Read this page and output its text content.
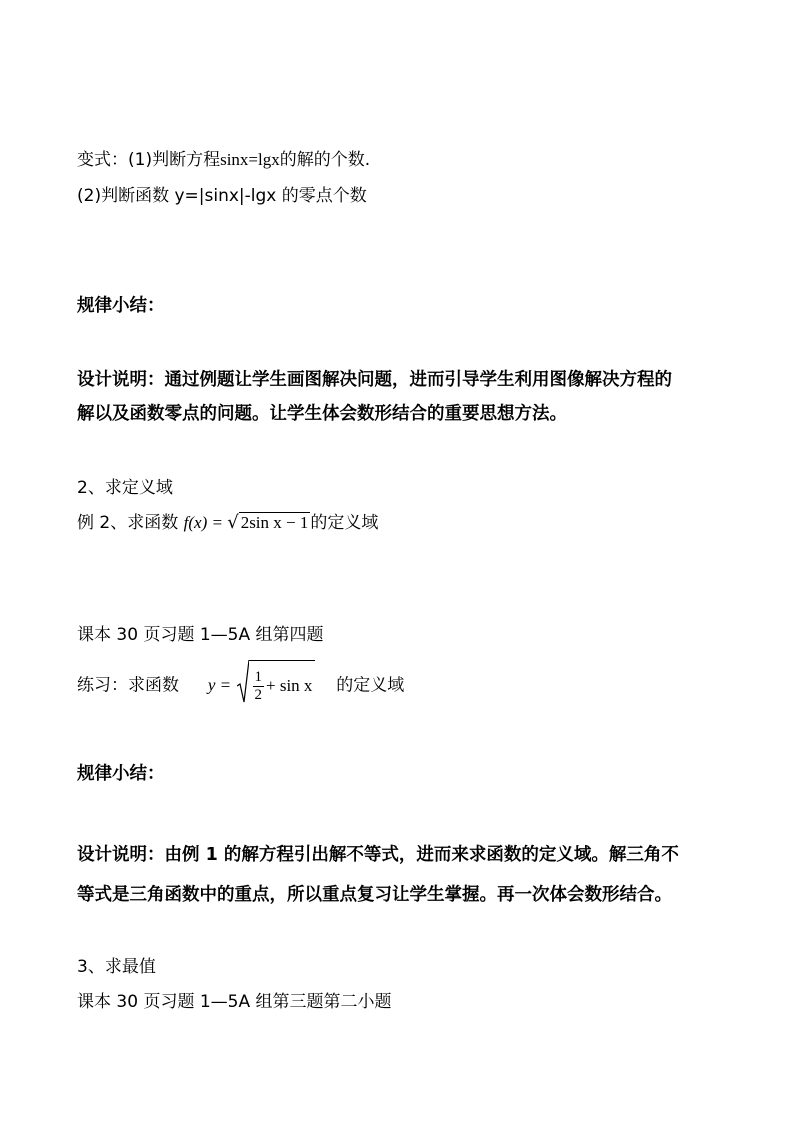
变式：(1)判断方程sinx=lgx的解的个数.
(2)判断函数 y=|sinx|-lgx 的零点个数
规律小结：
设计说明：通过例题让学生画图解决问题，进而引导学生利用图像解决方程的
解以及函数零点的问题。让学生体会数形结合的重要思想方法。
2、求定义域
例 2、求函数 f(x) = √ 2sin x − 1 的定义域
课本 30 页习题 1—5A 组第四题
练习：求函数 $y = \frac{1}{2} + \sin x$ 的定义域
规律小结：
设计说明：由例 1 的解方程引出解不等式，进而来求函数的定义域。解三角不
等式是三角函数中的重点，所以重点复习让学生掌握。再一次体会数形结合。
3、求最值
课本 30 页习题 1—5A 组第三题第二小题
